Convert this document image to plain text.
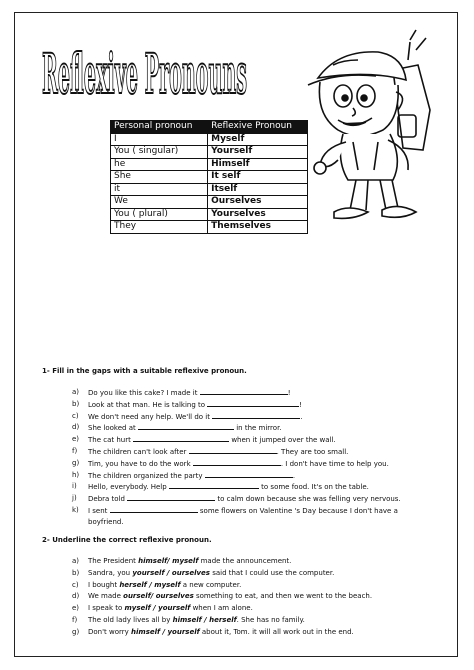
Reflexive Pronouns
Personal pronoun	Reflexive Pronoun
I	Myself
You ( singular)	Yourself
he	Himself
She	It self
it	Itself
We	Ourselves
You ( plural)	Yourselves
They	Themselves
1- Fill in the gaps with a suitable reflexive pronoun.
a)	Do you like this cake? I made it	!
b)	Look at that man. He is talking to	!
c)	We don't need any help. We'll do it	.
d)	She looked at	in the mirror.
e)	The cat hurt	when it jumped over the wall.
f)	The children can't look after	. They are too small.
g)	Tim, you have to do the work	. I don't have time to help you.
h)	The children organized the party	.
i)	Hello, everybody. Help	to some food. It's on the table.
j)	Debra told	to calm down because she was felling very nervous.
k)	I sent	some flowers on Valentine 's Day because I don't have a
boyfriend.
2- Underline the correct reflexive pronoun.
a)	The President himself/ myself made the announcement.
b)	Sandra, you yourself / ourselves said that I could use the computer.
c)	I bought herself / myself a new computer.
d)	We made ourself/ ourselves something to eat, and then we went to the beach.
e)	I speak to myself / yourself when I am alone.
f)	The old lady lives all by himself / herself. She has no family.
g)	Don't worry himself / yourself about it, Tom. it will all work out in the end.
